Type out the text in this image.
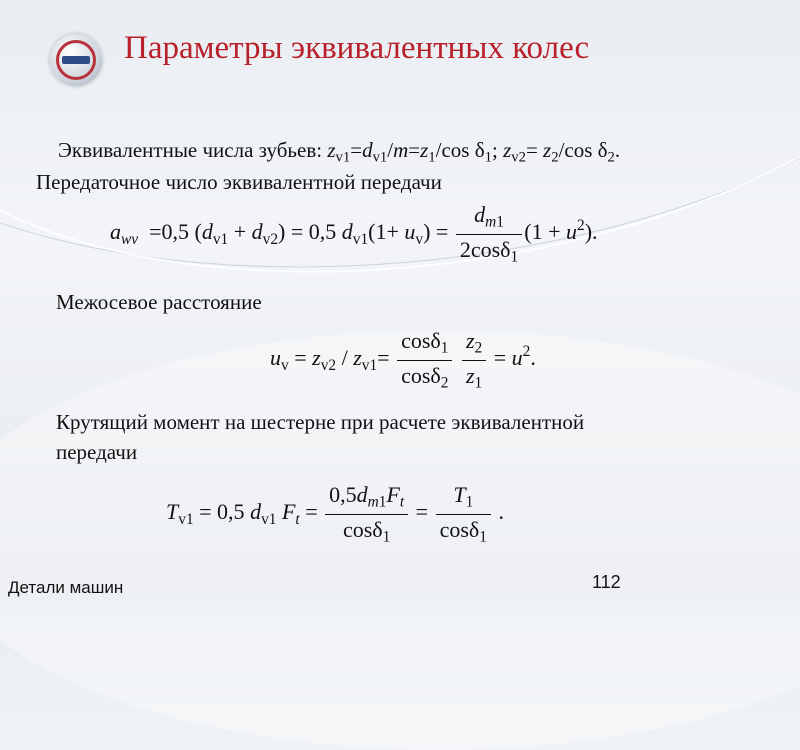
Параметры эквивалентных колес
Эквивалентные числа зубьев: $z_{v1}=d_{v1}/m=z_1/\cos$ $\delta_1$; $z_{v2}= z_2/\cos$ $\delta_2$.
Передаточное число эквивалентной передачи
$a_{wv} =0,5$ $(d_{v1} + d_{v2}) = 0,5$ $d_{v1}(1+ u_v) = \frac{d_{m1}}{2\cos\delta_1} (1 + u^2)$.
Межосевое расстояние
$u_v = z_{v2} / z_{v1}= \frac{\cos\delta_1}{\cos\delta_2}$
$\frac{z_2}{z_1} = u^2$.
Крутящий момент на шестерне при расчете эквивалентной
передачи
$T_{v1} = 0,5$ $d_{v1}$ $F_t = \frac{0,5d_{m1}F_t}{\cos\delta_1} = \frac{T_1}{\cos\delta_1}$ .
Детали машин	112
